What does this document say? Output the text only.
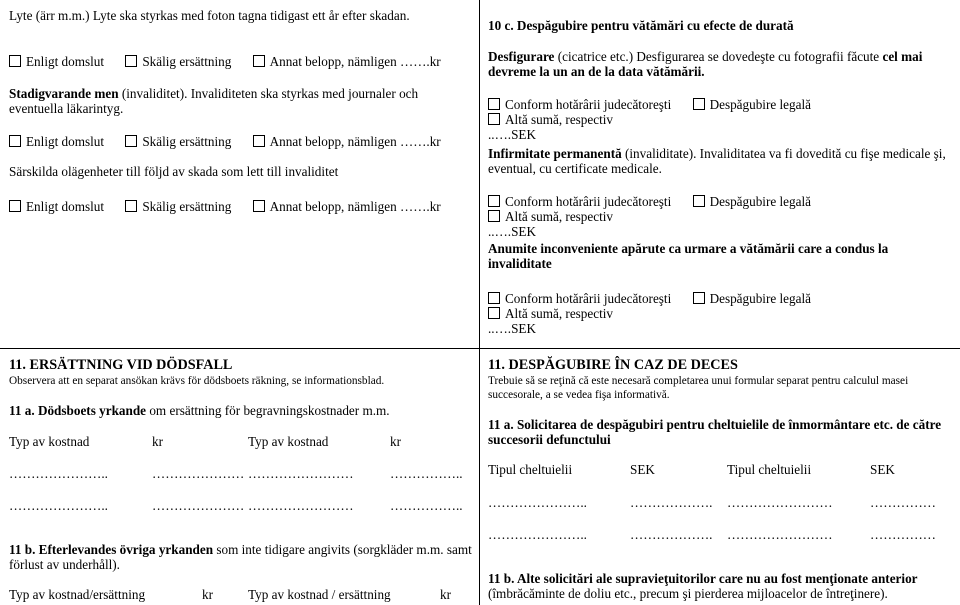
Lyte (ärr m.m.) Lyte ska styrkas med foton tagna tidigast ett år efter skadan.
Enligt domslut	Skälig ersättning	Annat belopp, nämligen …….kr
Stadigvarande men (invaliditet). Invaliditeten ska styrkas med journaler och eventuella läkarintyg.
Enligt domslut	Skälig ersättning	Annat belopp, nämligen …….kr
Särskilda olägenheter till följd av skada som lett till invaliditet
Enligt domslut	Skälig ersättning	Annat belopp, nämligen …….kr
10 c. Despăgubire pentru vătămări cu efecte de durată
Desfigurare (cicatrice etc.) Desfigurarea se dovedeşte cu fotografii făcute cel mai devreme la un an de la data vătămării.
Conform hotărârii judecătoreşti	Despăgubire legală Altă sumă, respectiv
..….SEK
Infirmitate permanentă (invaliditate). Invaliditatea va fi dovedită cu fişe medicale şi, eventual, cu certificate medicale.
Conform hotărârii judecătoreşti	Despăgubire legală Altă sumă, respectiv
..….SEK
Anumite inconveniente apărute ca urmare a vătămării care a condus la invaliditate
Conform hotărârii judecătoreşti	Despăgubire legală Altă sumă, respectiv
..….SEK
11. ERSÄTTNING VID DÖDSFALL
Observera att en separat ansökan krävs för dödsboets räkning, se informationsblad.
11 a. Dödsboets yrkande om ersättning för begravningskostnader m.m.
Typ av kostnad	kr	Typ av kostnad	kr
…………………..	………………… ……………………	……………..
…………………..	………………… ……………………	……………..
11 b. Efterlevandes övriga yrkanden som inte tidigare angivits (sorgkläder m.m. samt förlust av underhåll).
Typ av kostnad/ersättning	kr	Typ av kostnad / ersättning	kr
11. DESPĂGUBIRE ÎN CAZ DE DECES
Trebuie să se reţină că este necesară completarea unui formular separat pentru calculul masei succesorale, a se vedea fişa informativă.
11 a. Solicitarea de despăgubiri pentru cheltuielile de înmormântare etc. de către succesorii defunctului
Tipul cheltuielii	SEK	Tipul cheltuielii	SEK
…………………..	………………. ……………………	……………
…………………..	………………. ……………………	……………
11 b. Alte solicitări ale supravieţuitorilor care nu au fost menţionate anterior
(îmbrăcăminte de doliu etc., precum şi pierderea mijloacelor de întreţinere).
